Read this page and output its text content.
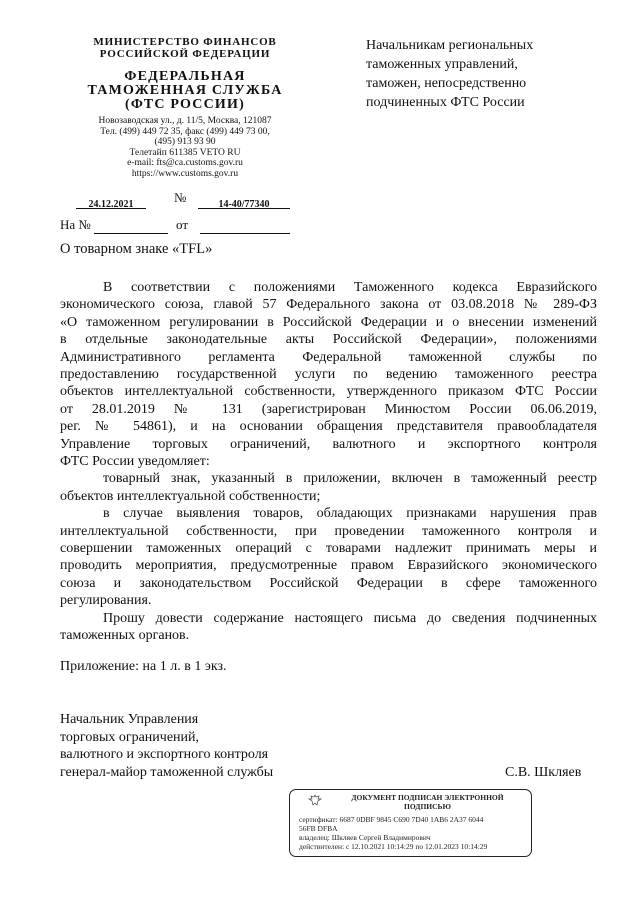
МИНИСТЕРСТВО ФИНАНСОВ
РОССИЙСКОЙ ФЕДЕРАЦИИ
ФЕДЕРАЛЬНАЯ
ТАМОЖЕННАЯ СЛУЖБА
(ФТС РОССИИ)
Новозаводская ул., д. 11/5, Москва, 121087
Тел. (499) 449 72 35, факс (499) 449 73 00,
(495) 913 93 90
Телетайп 611385 VETO RU
e-mail: fts@ca.customs.gov.ru
https://www.customs.gov.ru
Начальникам региональных
таможенных управлений,
таможен, непосредственно
подчиненных ФТС России
24.12.2021	№	14-40/77340
На №	от
О товарном знаке «TFL»
В соответствии с положениями Таможенного кодекса Евразийского
экономического союза, главой 57 Федерального закона от 03.08.2018 № 289-ФЗ
«О таможенном регулировании в Российской Федерации и о внесении изменений
в отдельные законодательные акты Российской Федерации», положениями
Административного регламента Федеральной таможенной службы по
предоставлению государственной услуги по ведению таможенного реестра
объектов интеллектуальной собственности, утвержденного приказом ФТС России
от 28.01.2019 № 131 (зарегистрирован Минюстом России 06.06.2019,
рег. № 54861), и на основании обращения представителя правообладателя
Управление торговых ограничений, валютного и экспортного контроля
ФТС России уведомляет:
товарный знак, указанный в приложении, включен в таможенный реестр
объектов интеллектуальной собственности;
в случае выявления товаров, обладающих признаками нарушения прав
интеллектуальной собственности, при проведении таможенного контроля и
совершении таможенных операций с товарами надлежит принимать меры и
проводить мероприятия, предусмотренные правом Евразийского экономического
союза и законодательством Российской Федерации в сфере таможенного
регулирования.
Прошу довести содержание настоящего письма до сведения подчиненных
таможенных органов.
Приложение: на 1 л. в 1 экз.
Начальник Управления
торговых ограничений,
валютного и экспортного контроля
генерал-майор таможенной службы	С.В. Шкляев
ДОКУМЕНТ ПОДПИСАН ЭЛЕКТРОННОЙ
ПОДПИСЬЮ
сертификат: 6687 0DBF 9845 C690 7D40 1AB6 2A37 6044
56FB DFBA
владелец: Шкляев Сергей Владимирович
действителен: с 12.10.2021 10:14:29 по 12.01.2023 10:14:29
